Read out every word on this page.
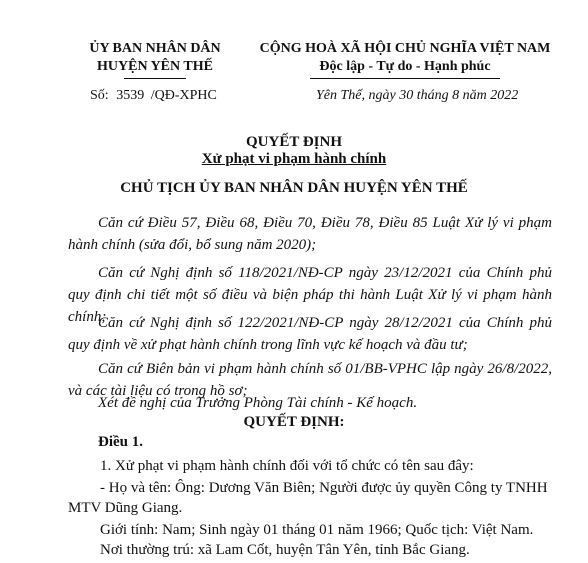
ỦY BAN NHÂN DÂN
HUYỆN YÊN THẾ
Số: 3539 /QĐ-XPHC
CỘNG HOÀ XÃ HỘI CHỦ NGHĨA VIỆT NAM
Độc lập - Tự do - Hạnh phúc
Yên Thế, ngày 30 tháng 8 năm 2022
QUYẾT ĐỊNH
Xử phạt vi phạm hành chính
CHỦ TỊCH ỦY BAN NHÂN DÂN HUYỆN YÊN THẾ
Căn cứ Điều 57, Điều 68, Điều 70, Điều 78, Điều 85 Luật Xử lý vi phạm hành chính (sửa đổi, bổ sung năm 2020);
Căn cứ Nghị định số 118/2021/NĐ-CP ngày 23/12/2021 của Chính phủ quy định chi tiết một số điều và biện pháp thi hành Luật Xử lý vi phạm hành chính;
Căn cứ Nghị định số 122/2021/NĐ-CP ngày 28/12/2021 của Chính phủ quy định về xử phạt hành chính trong lĩnh vực kế hoạch và đầu tư;
Căn cứ Biên bản vi phạm hành chính số 01/BB-VPHC lập ngày 26/8/2022, và các tài liệu có trong hồ sơ;
Xét đề nghị của Trưởng Phòng Tài chính - Kế hoạch.
QUYẾT ĐỊNH:
Điều 1.
1. Xử phạt vi phạm hành chính đối với tổ chức có tên sau đây:
- Họ và tên: Ông: Dương Văn Biên; Người được ủy quyền Công ty TNHH
MTV Dũng Giang.
Giới tính: Nam; Sinh ngày 01 tháng 01 năm 1966; Quốc tịch: Việt Nam.
Nơi thường trú: xã Lam Cốt, huyện Tân Yên, tỉnh Bắc Giang.
